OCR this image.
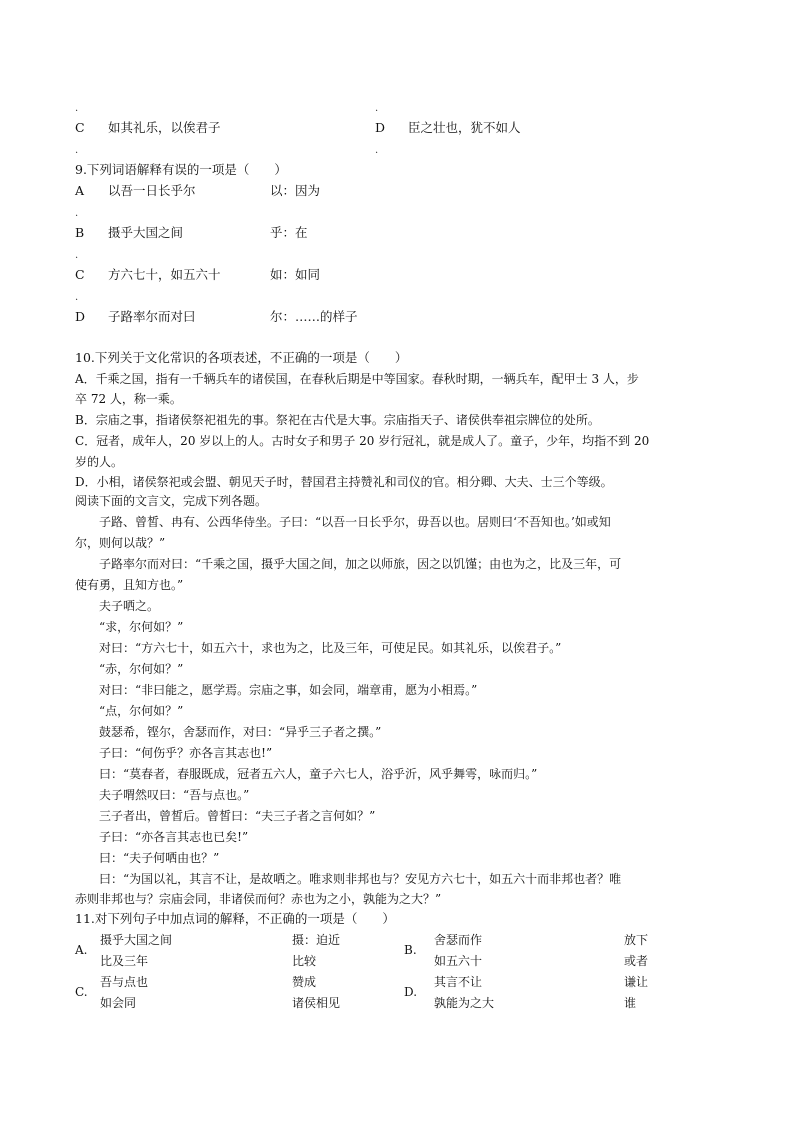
.	.
C 如其礼乐，以俟君子	D 臣之壮也，犹不如人
.	.
9.下列词语解释有误的一项是（　　）
A 以吾一日长乎尔	以：因为
.
B 摄乎大国之间	乎：在
.
C 方六七十，如五六十	如：如同
.
D 子路率尔而对曰	尔：……的样子
10.下列关于文化常识的各项表述，不正确的一项是（　　）
A．千乘之国，指有一千辆兵车的诸侯国，在春秋后期是中等国家。春秋时期，一辆兵车，配甲士 3 人，步
卒 72 人，称一乘。
B．宗庙之事，指诸侯祭祀祖先的事。祭祀在古代是大事。宗庙指天子、诸侯供奉祖宗牌位的处所。
C．冠者，成年人，20 岁以上的人。古时女子和男子 20 岁行冠礼，就是成人了。童子，少年，均指不到 20
岁的人。
D．小相，诸侯祭祀或会盟、朝见天子时，替国君主持赞礼和司仪的官。相分卿、大夫、士三个等级。
阅读下面的文言文，完成下列各题。
　　子路、曾皙、冉有、公西华侍坐。子曰：“以吾一日长乎尔，毋吾以也。居则曰‘不吾知也。’如或知
尔，则何以哉？”
　　子路率尔而对曰：“千乘之国，摄乎大国之间，加之以师旅，因之以饥馑；由也为之，比及三年，可
使有勇，且知方也。”
　　夫子哂之。
　　“求，尔何如？”
　　对曰：“方六七十，如五六十，求也为之，比及三年，可使足民。如其礼乐，以俟君子。”
　　“赤，尔何如？”
　　对曰：“非曰能之，愿学焉。宗庙之事，如会同，端章甫，愿为小相焉。”
　　“点，尔何如？”
　　鼓瑟希，铿尔，舍瑟而作，对曰：“异乎三子者之撰。”
　　子曰：“何伤乎？亦各言其志也!”
　　曰：“莫春者，春服既成，冠者五六人，童子六七人，浴乎沂，风乎舞雩，咏而归。”
　　夫子喟然叹曰：“吾与点也。”
　　三子者出，曾皙后。曾皙曰：“夫三子者之言何如？”
　　子曰：“亦各言其志也已矣!”
　　曰：“夫子何哂由也？”
　　曰：“为国以礼，其言不让，是故哂之。唯求则非邦也与？安见方六七十，如五六十而非邦也者？唯
赤则非邦也与？宗庙会同，非诸侯而何？赤也为之小，孰能为之大？”
11.对下列句子中加点词的解释，不正确的一项是（　　）
A.
摄乎大国之间	摄：迫近
比及三年	比较
B.
舍瑟而作	放下
如五六十	或者
C.
吾与点也	赞成
如会同	诸侯相见
D.
其言不让	谦让
孰能为之大	谁
